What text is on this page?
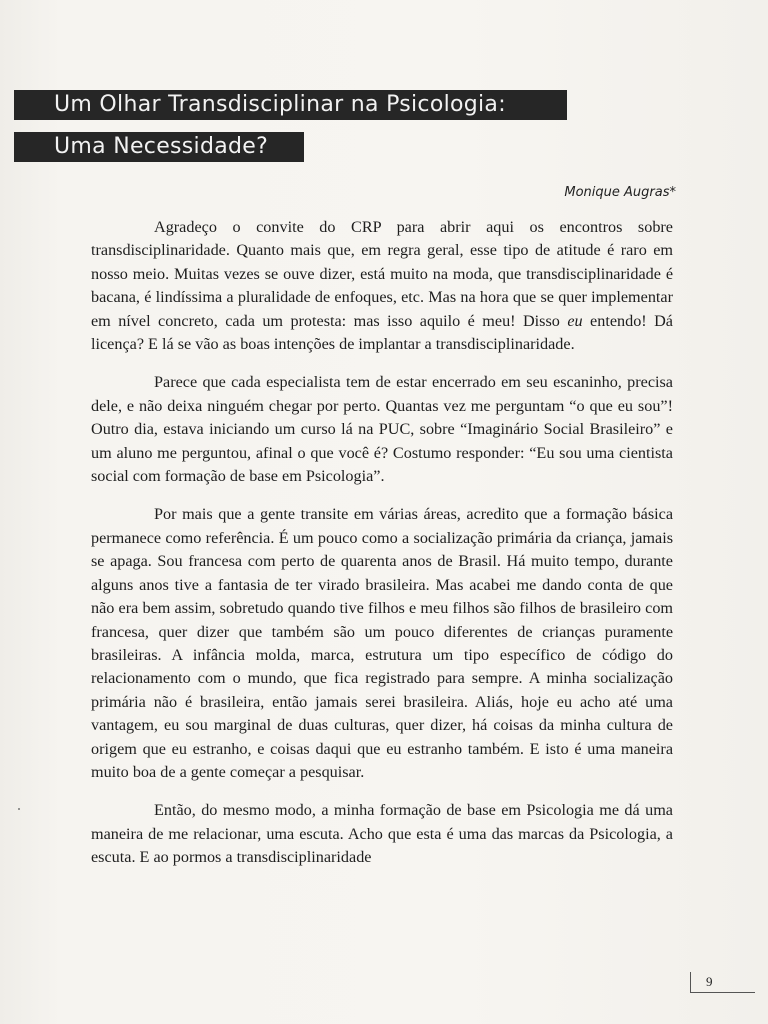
Um Olhar Transdisciplinar na Psicologia:
Uma Necessidade?
Monique Augras*

Agradeço o convite do CRP para abrir aqui os encontros sobre transdisciplinaridade. Quanto mais que, em regra geral, esse tipo de atitude é raro em nosso meio. Muitas vezes se ouve dizer, está muito na moda, que transdisciplinaridade é bacana, é lindíssima a pluralidade de enfoques, etc. Mas na hora que se quer implementar em nível concreto, cada um protesta: mas isso aquilo é meu! Disso eu entendo! Dá licença? E lá se vão as boas intenções de implantar a transdisciplinaridade.

Parece que cada especialista tem de estar encerrado em seu escaninho, precisa dele, e não deixa ninguém chegar por perto. Quantas vez me perguntam “o que eu sou”! Outro dia, estava iniciando um curso lá na PUC, sobre “Imaginário Social Brasileiro” e um aluno me perguntou, afinal o que você é? Costumo responder: “Eu sou uma cientista social com formação de base em Psicologia”.

Por mais que a gente transite em várias áreas, acredito que a formação básica permanece como referência. É um pouco como a socialização primária da criança, jamais se apaga. Sou francesa com perto de quarenta anos de Brasil. Há muito tempo, durante alguns anos tive a fantasia de ter virado brasileira. Mas acabei me dando conta de que não era bem assim, sobretudo quando tive filhos e meu filhos são filhos de brasileiro com francesa, quer dizer que também são um pouco diferentes de crianças puramente brasileiras. A infância molda, marca, estrutura um tipo específico de código do relacionamento com o mundo, que fica registrado para sempre. A minha socialização primária não é brasileira, então jamais serei brasileira. Aliás, hoje eu acho até uma vantagem, eu sou marginal de duas culturas, quer dizer, há coisas da minha cultura de origem que eu estranho, e coisas daqui que eu estranho também. E isto é uma maneira muito boa de a gente começar a pesquisar.

Então, do mesmo modo, a minha formação de base em Psicologia me dá uma maneira de me relacionar, uma escuta. Acho que esta é uma das marcas da Psicologia, a escuta. E ao pormos a transdisciplinaridade

9
